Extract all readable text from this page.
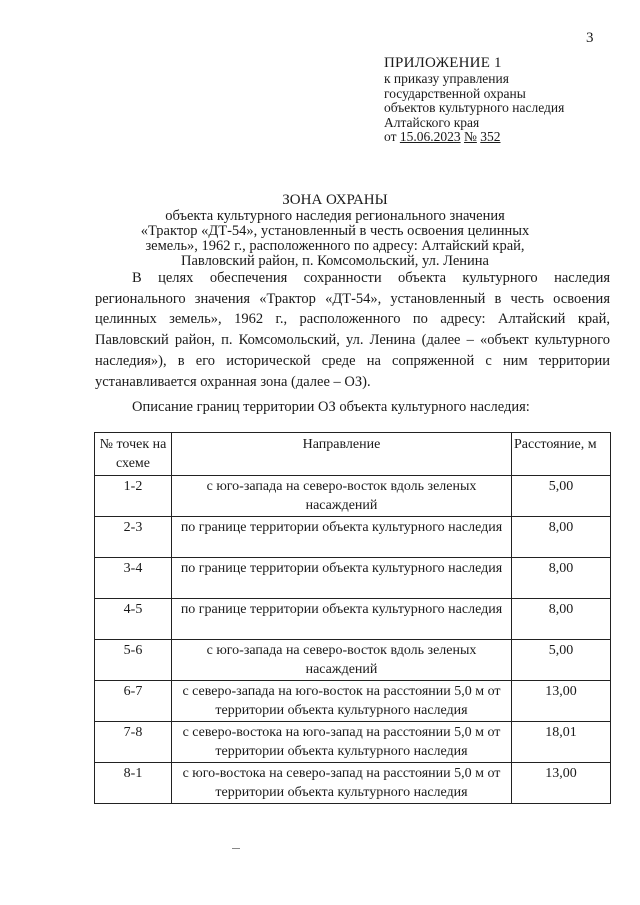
3
ПРИЛОЖЕНИЕ 1
к приказу управления
государственной охраны
объектов культурного наследия
Алтайского края
от 15.06.2023 № 352
ЗОНА ОХРАНЫ
объекта культурного наследия регионального значения
«Трактор «ДТ-54», установленный в честь освоения целинных
земель», 1962 г., расположенного по адресу: Алтайский край,
Павловский район, п. Комсомольский, ул. Ленина

В целях обеспечения сохранности объекта культурного наследия регионального значения «Трактор «ДТ-54», установленный в честь освоения целинных земель», 1962 г., расположенного по адресу: Алтайский край, Павловский район, п. Комсомольский, ул. Ленина (далее – «объект культурного наследия»), в его исторической среде на сопряженной с ним территории устанавливается охранная зона (далее – ОЗ).

Описание границ территории ОЗ объекта культурного наследия:
№ точек на схеме	Направление	Расстояние, м
1-2	с юго-запада на северо-восток вдоль зеленых насаждений	5,00
2-3	по границе территории объекта культурного наследия	8,00
3-4	по границе территории объекта культурного наследия	8,00
4-5	по границе территории объекта культурного наследия	8,00
5-6	с юго-запада на северо-восток вдоль зеленых насаждений	5,00
6-7	с северо-запада на юго-восток на расстоянии 5,0 м от территории объекта культурного наследия	13,00
7-8	с северо-востока на юго-запад на расстоянии 5,0 м от территории объекта культурного наследия	18,01
8-1	с юго-востока на северо-запад на расстоянии 5,0 м от территории объекта культурного наследия	13,00
